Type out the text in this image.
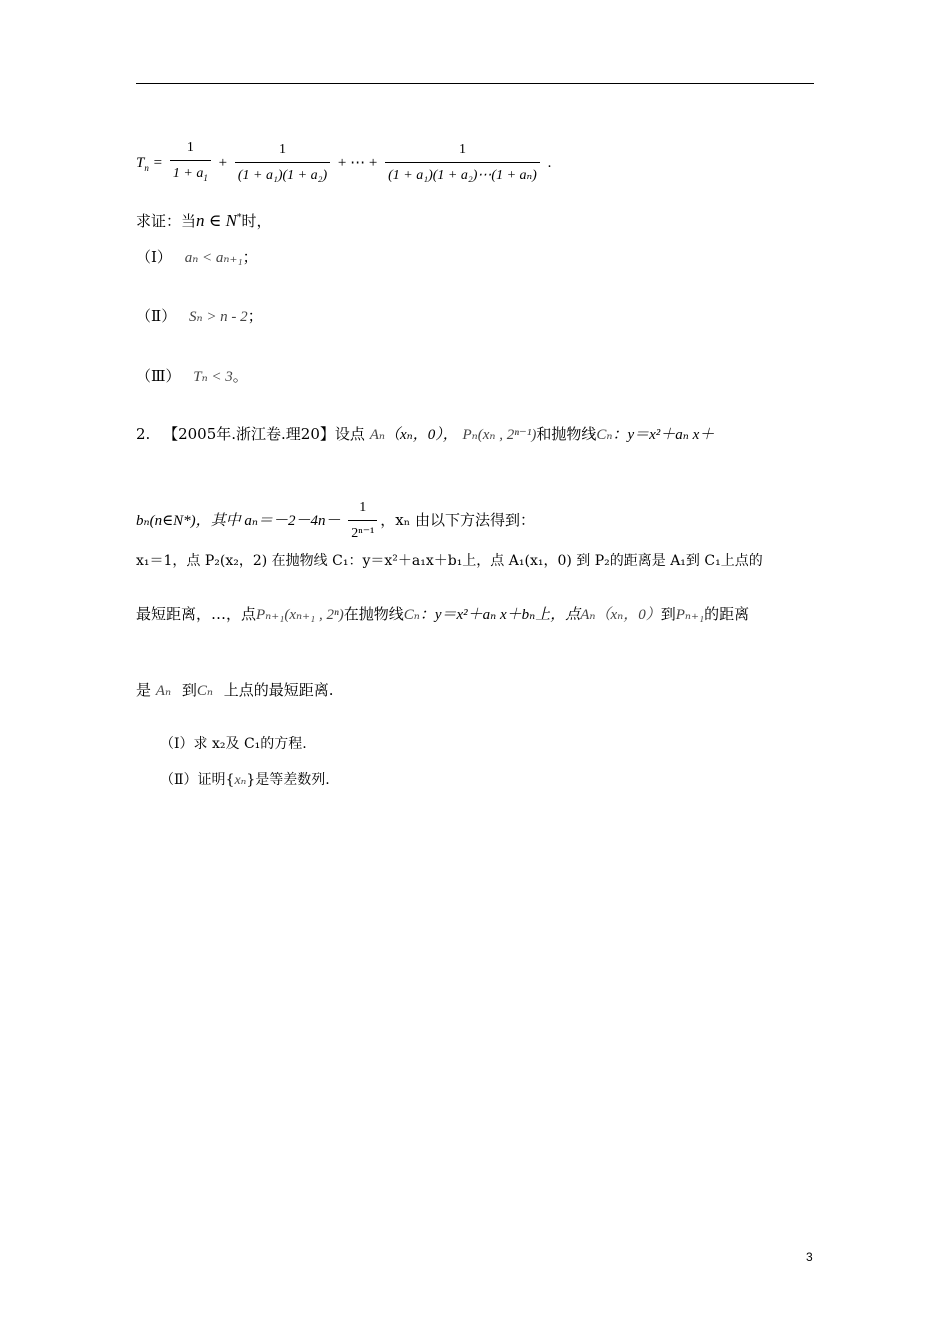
$T_n = \frac{1}{1 + a_1} + \frac{1}{\text{(1 + a₁)(1 + a₂)}}$ + ⋯ + $\frac{1}{\text{(1 + a₁)(1 + a₂)⋯(1 + aₙ)}}$ .
求证：当n ∈ N*时，
（Ⅰ） aₙ < aₙ₊₁；
（Ⅱ） Sₙ > n - 2；
（Ⅲ） Tₙ < 3。
2. 【2005年.浙江卷.理20】设点 Aₙ（xₙ，0）， Pₙ(xₙ , 2ⁿ⁻¹)和抛物线Cₙ：y＝x²＋aₙ x＋
bₙ(n∈N*)，其中 $a_n=-2-4n- \frac{1}{\text{2ⁿ⁻¹}}$ ，xₙ 由以下方法得到：
x₁＝1，点 P₂(x₂，2) 在抛物线 C₁：y＝x²＋a₁x＋b₁上，点 A₁(x₁，0) 到 P₂的距离是 A₁到 C₁上点的
最短距离，…，点Pₙ₊₁(xₙ₊₁ , 2ⁿ)在抛物线Cₙ：y＝x²＋aₙ x＋bₙ上，点Aₙ（xₙ，0）到Pₙ₊₁的距离
是 Aₙ 到Cₙ 上点的最短距离.
（Ⅰ）求 x₂及 C₁的方程.
（Ⅱ）证明{xₙ}是等差数列.
3
